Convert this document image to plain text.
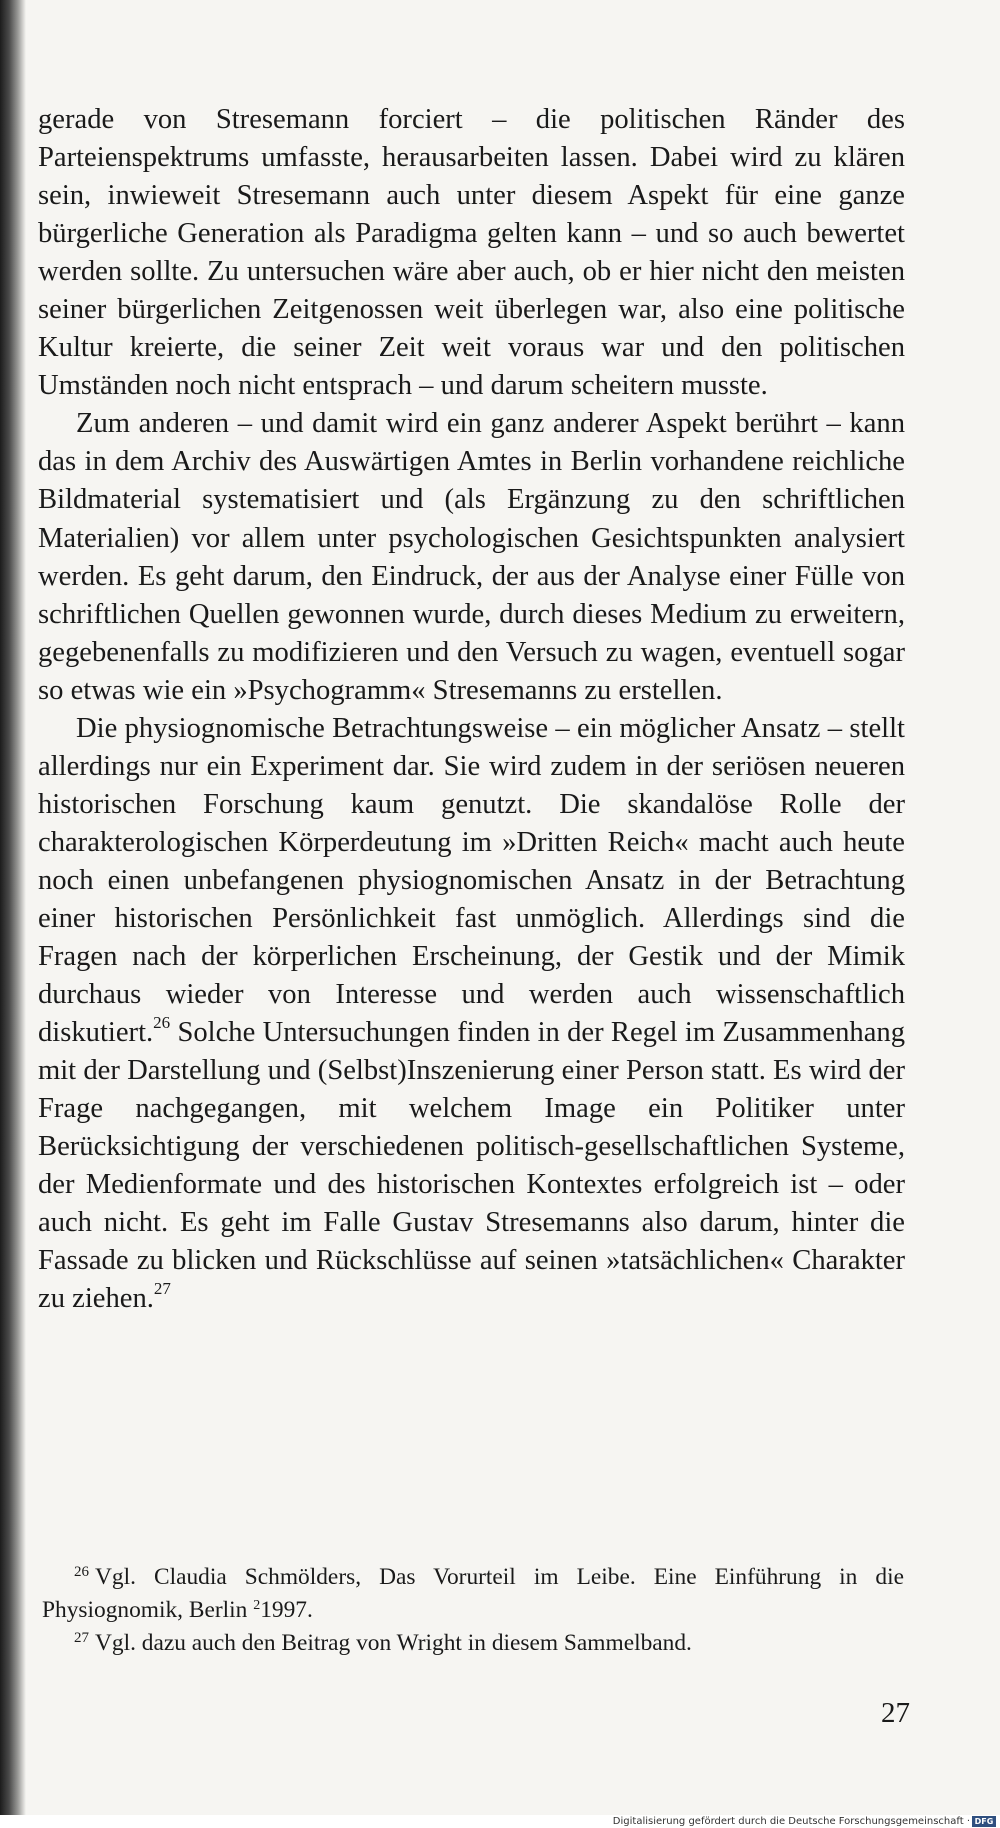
gerade von Stresemann forciert – die politischen Ränder des Parteienspektrums umfasste, herausarbeiten lassen. Dabei wird zu klären sein, inwieweit Stresemann auch unter diesem Aspekt für eine ganze bürgerliche Generation als Paradigma gelten kann – und so auch bewertet werden sollte. Zu untersuchen wäre aber auch, ob er hier nicht den meisten seiner bürgerlichen Zeitgenossen weit überlegen war, also eine politische Kultur kreierte, die seiner Zeit weit voraus war und den politischen Umständen noch nicht entsprach – und darum scheitern musste.

Zum anderen – und damit wird ein ganz anderer Aspekt berührt – kann das in dem Archiv des Auswärtigen Amtes in Berlin vorhandene reichliche Bildmaterial systematisiert und (als Ergänzung zu den schriftlichen Materialien) vor allem unter psychologischen Gesichtspunkten analysiert werden. Es geht darum, den Eindruck, der aus der Analyse einer Fülle von schriftlichen Quellen gewonnen wurde, durch dieses Medium zu erweitern, gegebenenfalls zu modifizieren und den Versuch zu wagen, eventuell sogar so etwas wie ein »Psychogramm« Stresemanns zu erstellen.

Die physiognomische Betrachtungsweise – ein möglicher Ansatz – stellt allerdings nur ein Experiment dar. Sie wird zudem in der seriösen neueren historischen Forschung kaum genutzt. Die skandalöse Rolle der charakterologischen Körperdeutung im »Dritten Reich« macht auch heute noch einen unbefangenen physiognomischen Ansatz in der Betrachtung einer historischen Persönlichkeit fast unmöglich. Allerdings sind die Fragen nach der körperlichen Erscheinung, der Gestik und der Mimik durchaus wieder von Interesse und werden auch wissenschaftlich diskutiert.$^{26}$ Solche Untersuchungen finden in der Regel im Zusammenhang mit der Darstellung und (Selbst)Inszenierung einer Person statt. Es wird der Frage nachgegangen, mit welchem Image ein Politiker unter Berücksichtigung der verschiedenen politisch-gesellschaftlichen Systeme, der Medienformate und des historischen Kontextes erfolgreich ist – oder auch nicht. Es geht im Falle Gustav Stresemanns also darum, hinter die Fassade zu blicken und Rückschlüsse auf seinen »tatsächlichen« Charakter zu ziehen.$^{27}$

$^{26}$ Vgl. Claudia Schmölders, Das Vorurteil im Leibe. Eine Einführung in die Physiognomik, Berlin $^2$1997.

$^{27}$ Vgl. dazu auch den Beitrag von Wright in diesem Sammelband.

27
Digitalisierung gefördert durch die Deutsche Forschungsgemeinschaft · DFG
